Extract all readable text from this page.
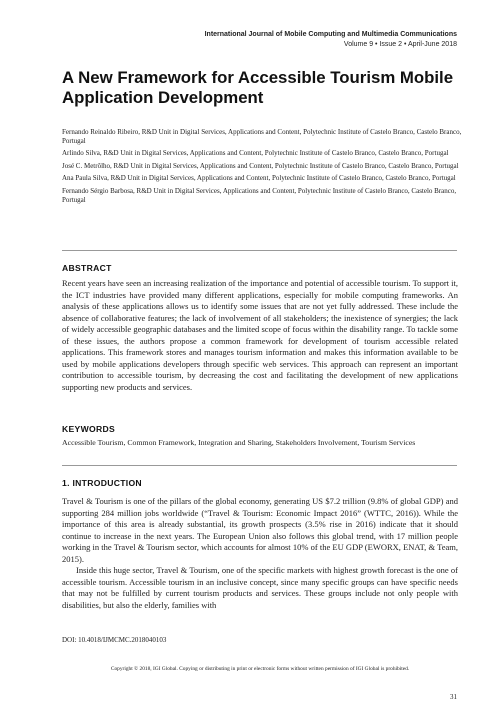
International Journal of Mobile Computing and Multimedia Communications
Volume 9 • Issue 2 • April-June 2018
A New Framework for Accessible Tourism Mobile Application Development
Fernando Reinaldo Ribeiro, R&D Unit in Digital Services, Applications and Content, Polytechnic Institute of Castelo Branco, Castelo Branco, Portugal
Arlindo Silva, R&D Unit in Digital Services, Applications and Content, Polytechnic Institute of Castelo Branco, Castelo Branco, Portugal
José C. Metrôlho, R&D Unit in Digital Services, Applications and Content, Polytechnic Institute of Castelo Branco, Castelo Branco, Portugal
Ana Paula Silva, R&D Unit in Digital Services, Applications and Content, Polytechnic Institute of Castelo Branco, Castelo Branco, Portugal
Fernando Sérgio Barbosa, R&D Unit in Digital Services, Applications and Content, Polytechnic Institute of Castelo Branco, Castelo Branco, Portugal
ABSTRACT

Recent years have seen an increasing realization of the importance and potential of accessible tourism. To support it, the ICT industries have provided many different applications, especially for mobile computing frameworks. An analysis of these applications allows us to identify some issues that are not yet fully addressed. These include the absence of collaborative features; the lack of involvement of all stakeholders; the inexistence of synergies; the lack of widely accessible geographic databases and the limited scope of focus within the disability range. To tackle some of these issues, the authors propose a common framework for development of tourism accessible related applications. This framework stores and manages tourism information and makes this information available to be used by mobile applications developers through specific web services. This approach can represent an important contribution to accessible tourism, by decreasing the cost and facilitating the development of new applications supporting new products and services.

KEYWORDS

Accessible Tourism, Common Framework, Integration and Sharing, Stakeholders Involvement, Tourism Services

1. INTRODUCTION

Travel & Tourism is one of the pillars of the global economy, generating US $7.2 trillion (9.8% of global GDP) and supporting 284 million jobs worldwide (“Travel & Tourism: Economic Impact 2016” (WTTC, 2016)). While the importance of this area is already substantial, its growth prospects (3.5% rise in 2016) indicate that it should continue to increase in the next years. The European Union also follows this global trend, with 17 million people working in the Travel & Tourism sector, which accounts for almost 10% of the EU GDP (EWORX, ENAT, & Team, 2015).

Inside this huge sector, Travel & Tourism, one of the specific markets with highest growth forecast is the one of accessible tourism. Accessible tourism in an inclusive concept, since many specific groups can have specific needs that may not be fulfilled by current tourism products and services. These groups include not only people with disabilities, but also the elderly, families with

DOI: 10.4018/IJMCMC.2018040103
Copyright © 2018, IGI Global. Copying or distributing in print or electronic forms without written permission of IGI Global is prohibited.
31
